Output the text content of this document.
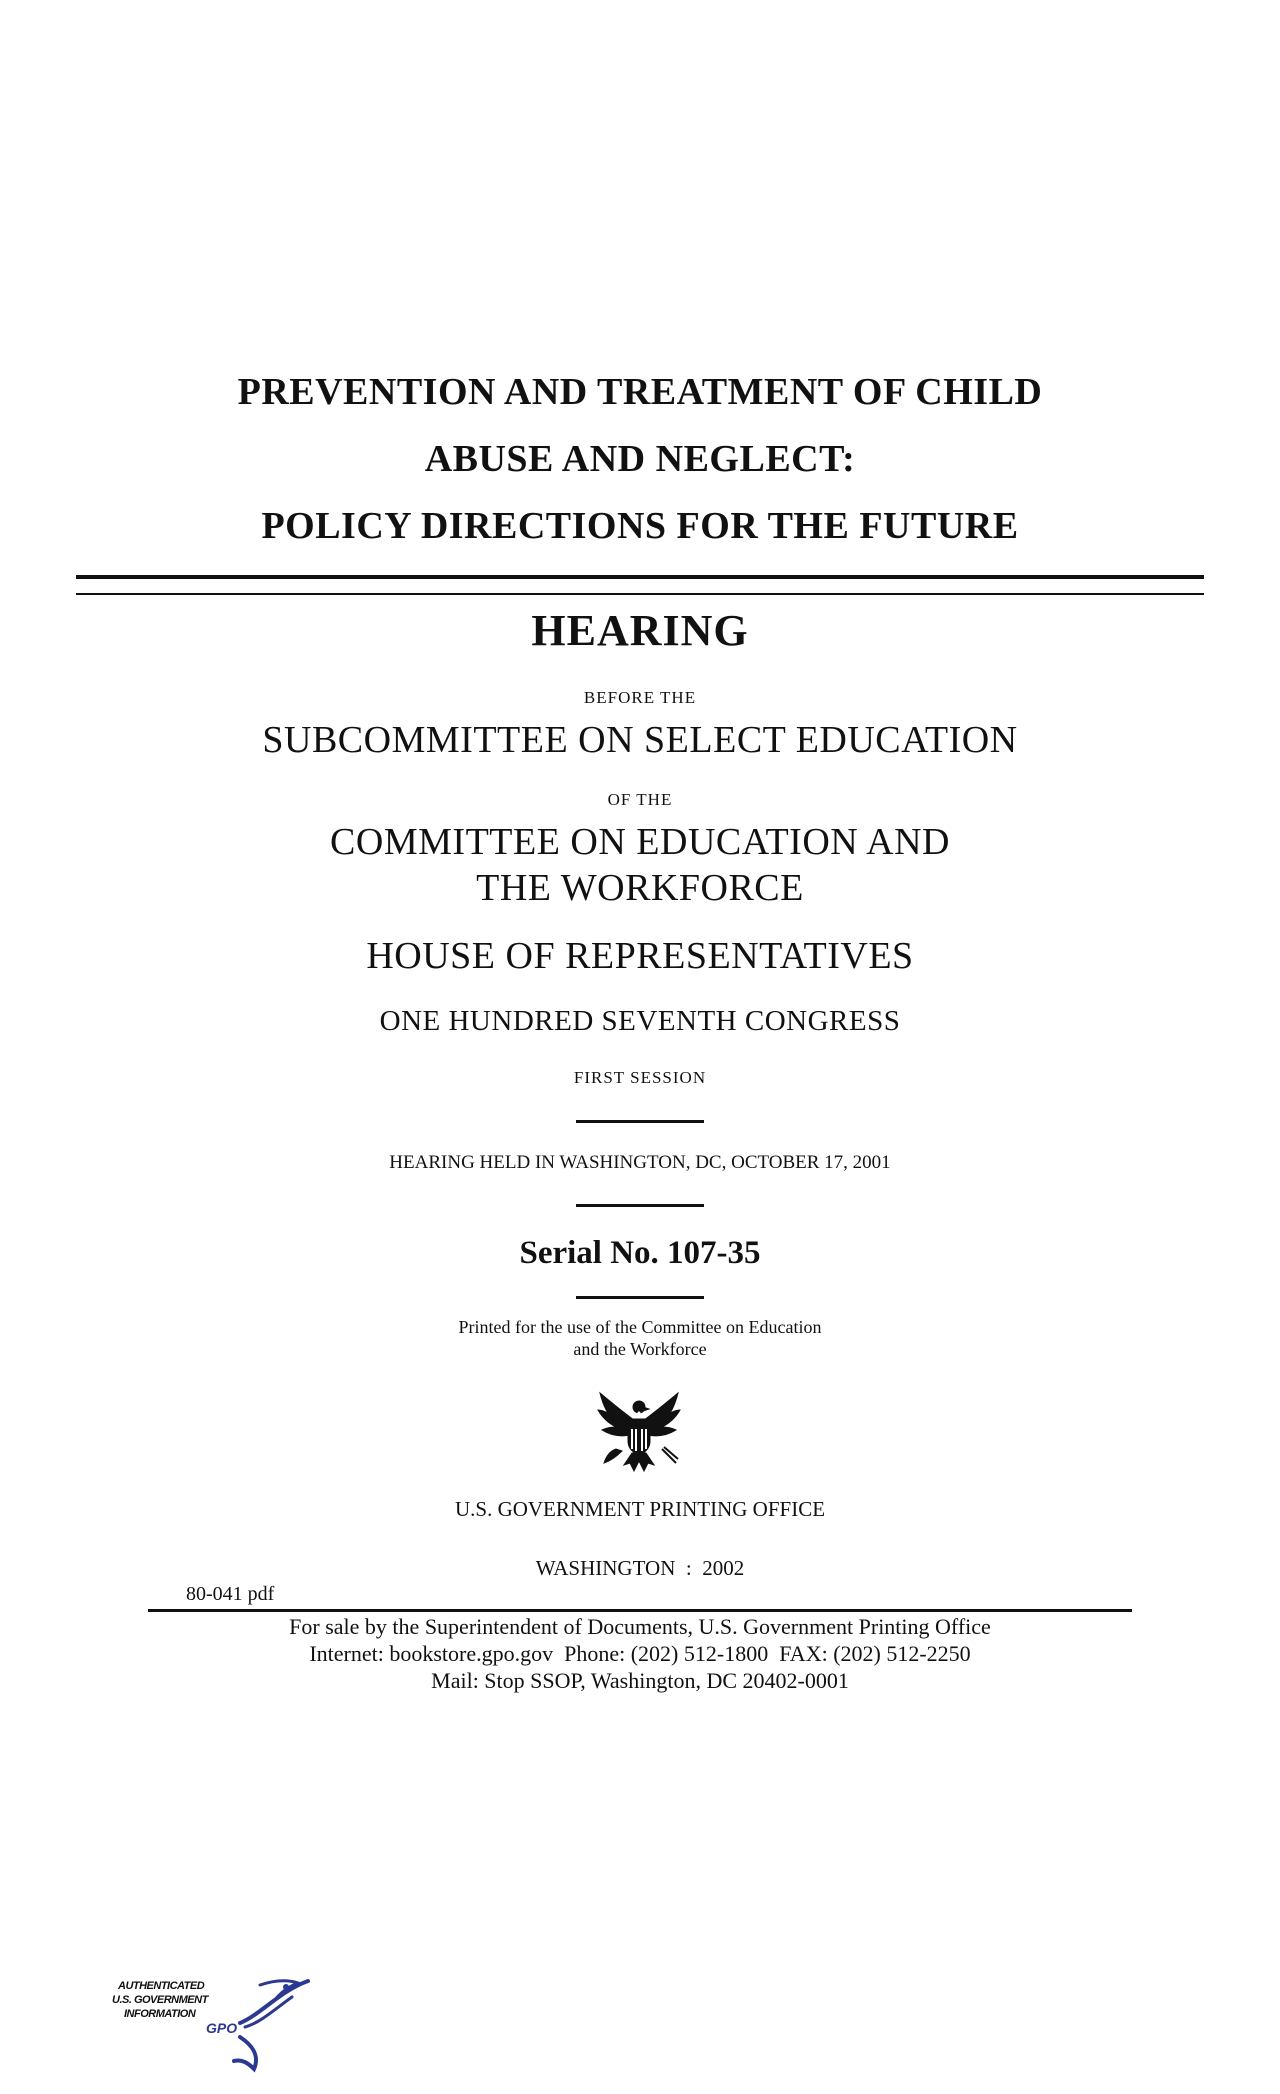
PREVENTION AND TREATMENT OF CHILD
ABUSE AND NEGLECT:
POLICY DIRECTIONS FOR THE FUTURE
HEARING
BEFORE THE
SUBCOMMITTEE ON SELECT EDUCATION
OF THE
COMMITTEE ON EDUCATION AND
THE WORKFORCE
HOUSE OF REPRESENTATIVES
ONE HUNDRED SEVENTH CONGRESS
FIRST SESSION
HEARING HELD IN WASHINGTON, DC, OCTOBER 17, 2001
Serial No. 107-35
Printed for the use of the Committee on Education
and the Workforce
U.S. GOVERNMENT PRINTING OFFICE
WASHINGTON  :  2002
80-041 pdf
For sale by the Superintendent of Documents, U.S. Government Printing Office
Internet: bookstore.gpo.gov  Phone: (202) 512-1800  FAX: (202) 512-2250
Mail: Stop SSOP, Washington, DC 20402-0001
AUTHENTICATED
U.S. GOVERNMENT
INFORMATION
GPO
